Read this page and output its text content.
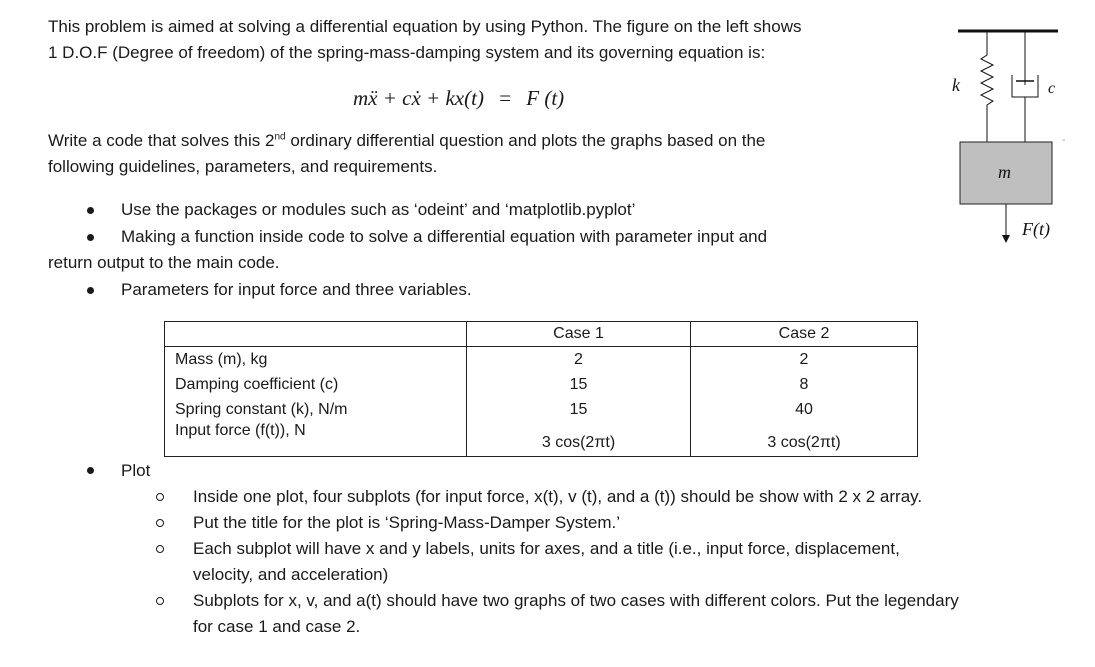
This problem is aimed at solving a differential equation by using Python. The figure on the left shows
1 D.O.F (Degree of freedom) of the spring-mass-damping system and its governing equation is:
mẍ + cẋ + kx(t) = F (t)
Write a code that solves this 2nd ordinary differential question and plots the graphs based on the
following guidelines, parameters, and requirements.
Use the packages or modules such as ‘odeint’ and ‘matplotlib.pyplot’
Making a function inside code to solve a differential equation with parameter input and
return output to the main code.
Parameters for input force and three variables.
	Case 1	Case 2
Mass (m), kg	2	2
Damping coefficient (c)	15	8
Spring constant (k), N/m	15	40
Input force (f(t)), N	3 cos(2πt)	3 cos(2πt)
Plot
Inside one plot, four subplots (for input force, x(t), v (t), and a (t)) should be show with 2 x 2 array.
Put the title for the plot is ‘Spring-Mass-Damper System.’
Each subplot will have x and y labels, units for axes, and a title (i.e., input force, displacement,
velocity, and acceleration)
Subplots for x, v, and a(t) should have two graphs of two cases with different colors. Put the legendary
for case 1 and case 2.
k	c
-
m
F(t)
